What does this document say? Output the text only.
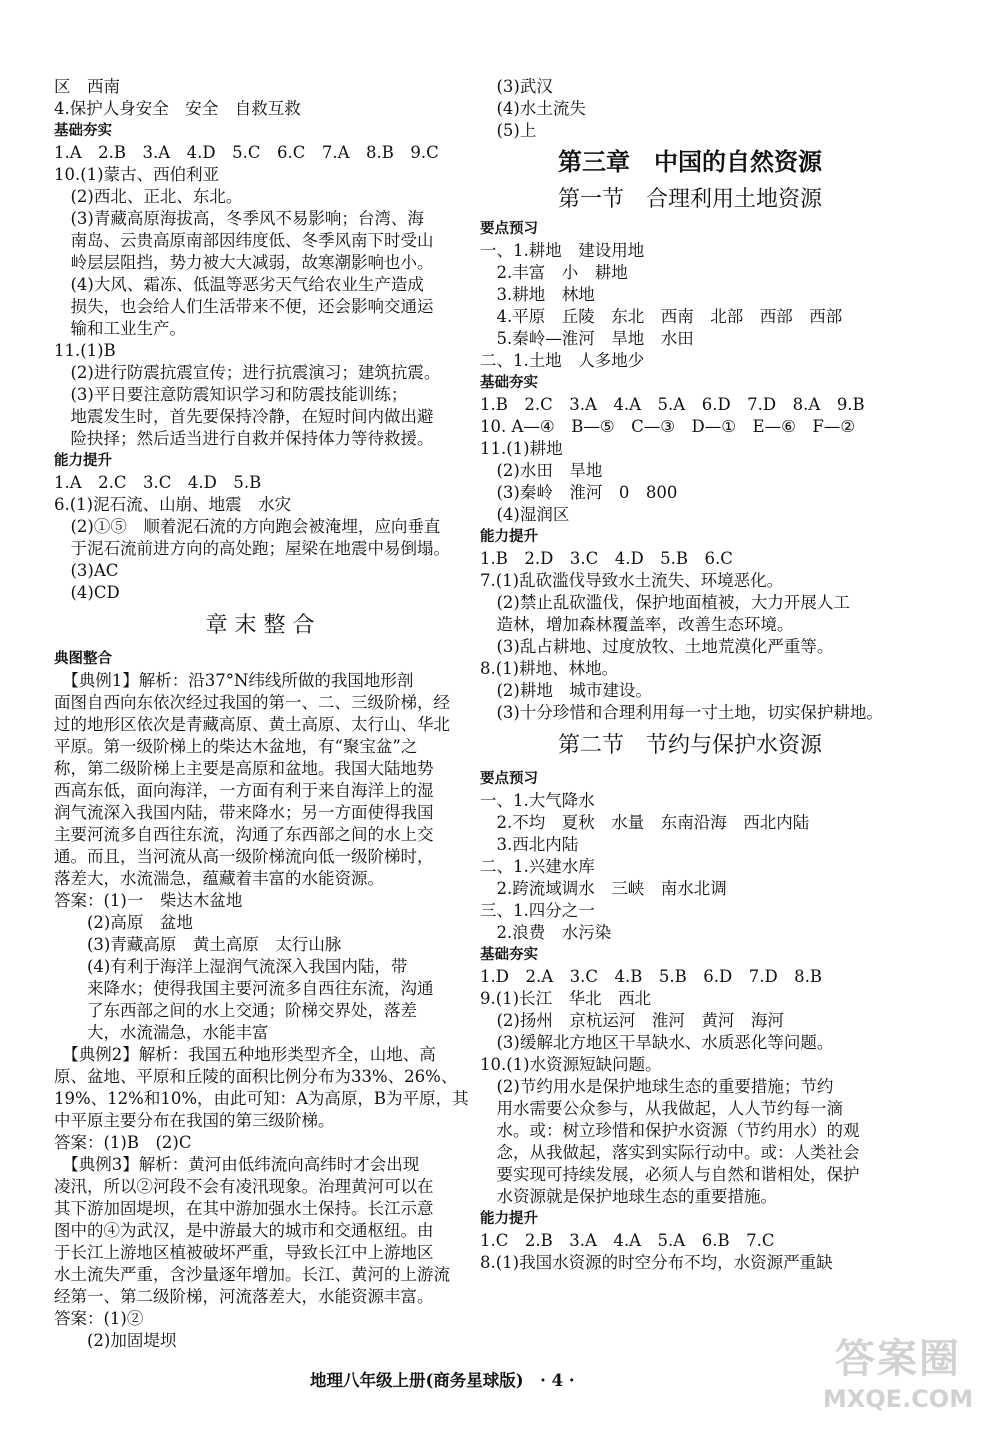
区　西南
4.保护人身安全　安全　自救互救
基础夯实
1.A　2.B　3.A　4.D　5.C　6.C　7.A　8.B　9.C
10.(1)蒙古、西伯利亚
　(2)西北、正北、东北。
　(3)青藏高原海拔高，冬季风不易影响；台湾、海
　南岛、云贵高原南部因纬度低、冬季风南下时受山
　岭层层阻挡，势力被大大减弱，故寒潮影响也小。
　(4)大风、霜冻、低温等恶劣天气给农业生产造成
　损失，也会给人们生活带来不便，还会影响交通运
　输和工业生产。
11.(1)B
　(2)进行防震抗震宣传；进行抗震演习；建筑抗震。
　(3)平日要注意防震知识学习和防震技能训练；
　地震发生时，首先要保持冷静，在短时间内做出避
　险抉择；然后适当进行自救并保持体力等待救援。
能力提升
1.A　2.C　3.C　4.D　5.B
6.(1)泥石流、山崩、地震　水灾
　(2)①⑤　顺着泥石流的方向跑会被淹埋，应向垂直
　于泥石流前进方向的高处跑；屋梁在地震中易倒塌。
　(3)AC
　(4)CD
章 末 整 合
典图整合
　【典例1】解析：沿37°N纬线所做的我国地形剖
面图自西向东依次经过我国的第一、二、三级阶梯，经
过的地形区依次是青藏高原、黄土高原、太行山、华北
平原。第一级阶梯上的柴达木盆地，有“聚宝盆”之
称，第二级阶梯上主要是高原和盆地。我国大陆地势
西高东低，面向海洋，一方面有利于来自海洋上的湿
润气流深入我国内陆，带来降水；另一方面使得我国
主要河流多自西往东流，沟通了东西部之间的水上交
通。而且，当河流从高一级阶梯流向低一级阶梯时，
落差大，水流湍急，蕴藏着丰富的水能资源。
答案：(1)一　柴达木盆地
　　(2)高原　盆地
　　(3)青藏高原　黄土高原　太行山脉
　　(4)有利于海洋上湿润气流深入我国内陆，带
　　来降水；使得我国主要河流多自西往东流，沟通
　　了东西部之间的水上交通；阶梯交界处，落差
　　大，水流湍急，水能丰富
　【典例2】解析：我国五种地形类型齐全，山地、高
原、盆地、平原和丘陵的面积比例分布为33%、26%、
19%、12%和10%，由此可知：A为高原，B为平原，其
中平原主要分布在我国的第三级阶梯。
答案：(1)B　(2)C
　【典例3】解析：黄河由低纬流向高纬时才会出现
凌汛，所以②河段不会有凌汛现象。治理黄河可以在
其下游加固堤坝，在其中游加强水土保持。长江示意
图中的④为武汉，是中游最大的城市和交通枢纽。由
于长江上游地区植被破坏严重，导致长江中上游地区
水土流失严重，含沙量逐年增加。长江、黄河的上游流
经第一、第二级阶梯，河流落差大，水能资源丰富。
答案：(1)②
　　(2)加固堤坝
　(3)武汉
　(4)水土流失
　(5)上
第三章　中国的自然资源
第一节　合理利用土地资源
要点预习
一、1.耕地　建设用地
　2.丰富　小　耕地
　3.耕地　林地
　4.平原　丘陵　东北　西南　北部　西部　西部
　5.秦岭—淮河　旱地　水田
二、1.土地　人多地少
基础夯实
1.B　2.C　3.A　4.A　5.A　6.D　7.D　8.A　9.B
10. A—④　B—⑤　C—③　D—①　E—⑥　F—②
11.(1)耕地
　(2)水田　旱地
　(3)秦岭　淮河　0　800
　(4)湿润区
能力提升
1.B　2.D　3.C　4.D　5.B　6.C
7.(1)乱砍滥伐导致水土流失、环境恶化。
　(2)禁止乱砍滥伐，保护地面植被，大力开展人工
　造林，增加森林覆盖率，改善生态环境。
　(3)乱占耕地、过度放牧、土地荒漠化严重等。
8.(1)耕地、林地。
　(2)耕地　城市建设。
　(3)十分珍惜和合理利用每一寸土地，切实保护耕地。
第二节　节约与保护水资源
要点预习
一、1.大气降水
　2.不均　夏秋　水量　东南沿海　西北内陆
　3.西北内陆
二、1.兴建水库
　2.跨流域调水　三峡　南水北调
三、1.四分之一
　2.浪费　水污染
基础夯实
1.D　2.A　3.C　4.B　5.B　6.D　7.D　8.B
9.(1)长江　华北　西北
　(2)扬州　京杭运河　淮河　黄河　海河
　(3)缓解北方地区干旱缺水、水质恶化等问题。
10.(1)水资源短缺问题。
　(2)节约用水是保护地球生态的重要措施；节约
　用水需要公众参与，从我做起，人人节约每一滴
　水。或：树立珍惜和保护水资源（节约用水）的观
　念，从我做起，落实到实际行动中。或：人类社会
　要实现可持续发展，必须人与自然和谐相处，保护
　水资源就是保护地球生态的重要措施。
能力提升
1.C　2.B　3.A　4.A　5.A　6.B　7.C
8.(1)我国水资源的时空分布不均，水资源严重缺
地理八年级上册(商务星球版)　· 4 ·	答案圈
MXQE.COM
